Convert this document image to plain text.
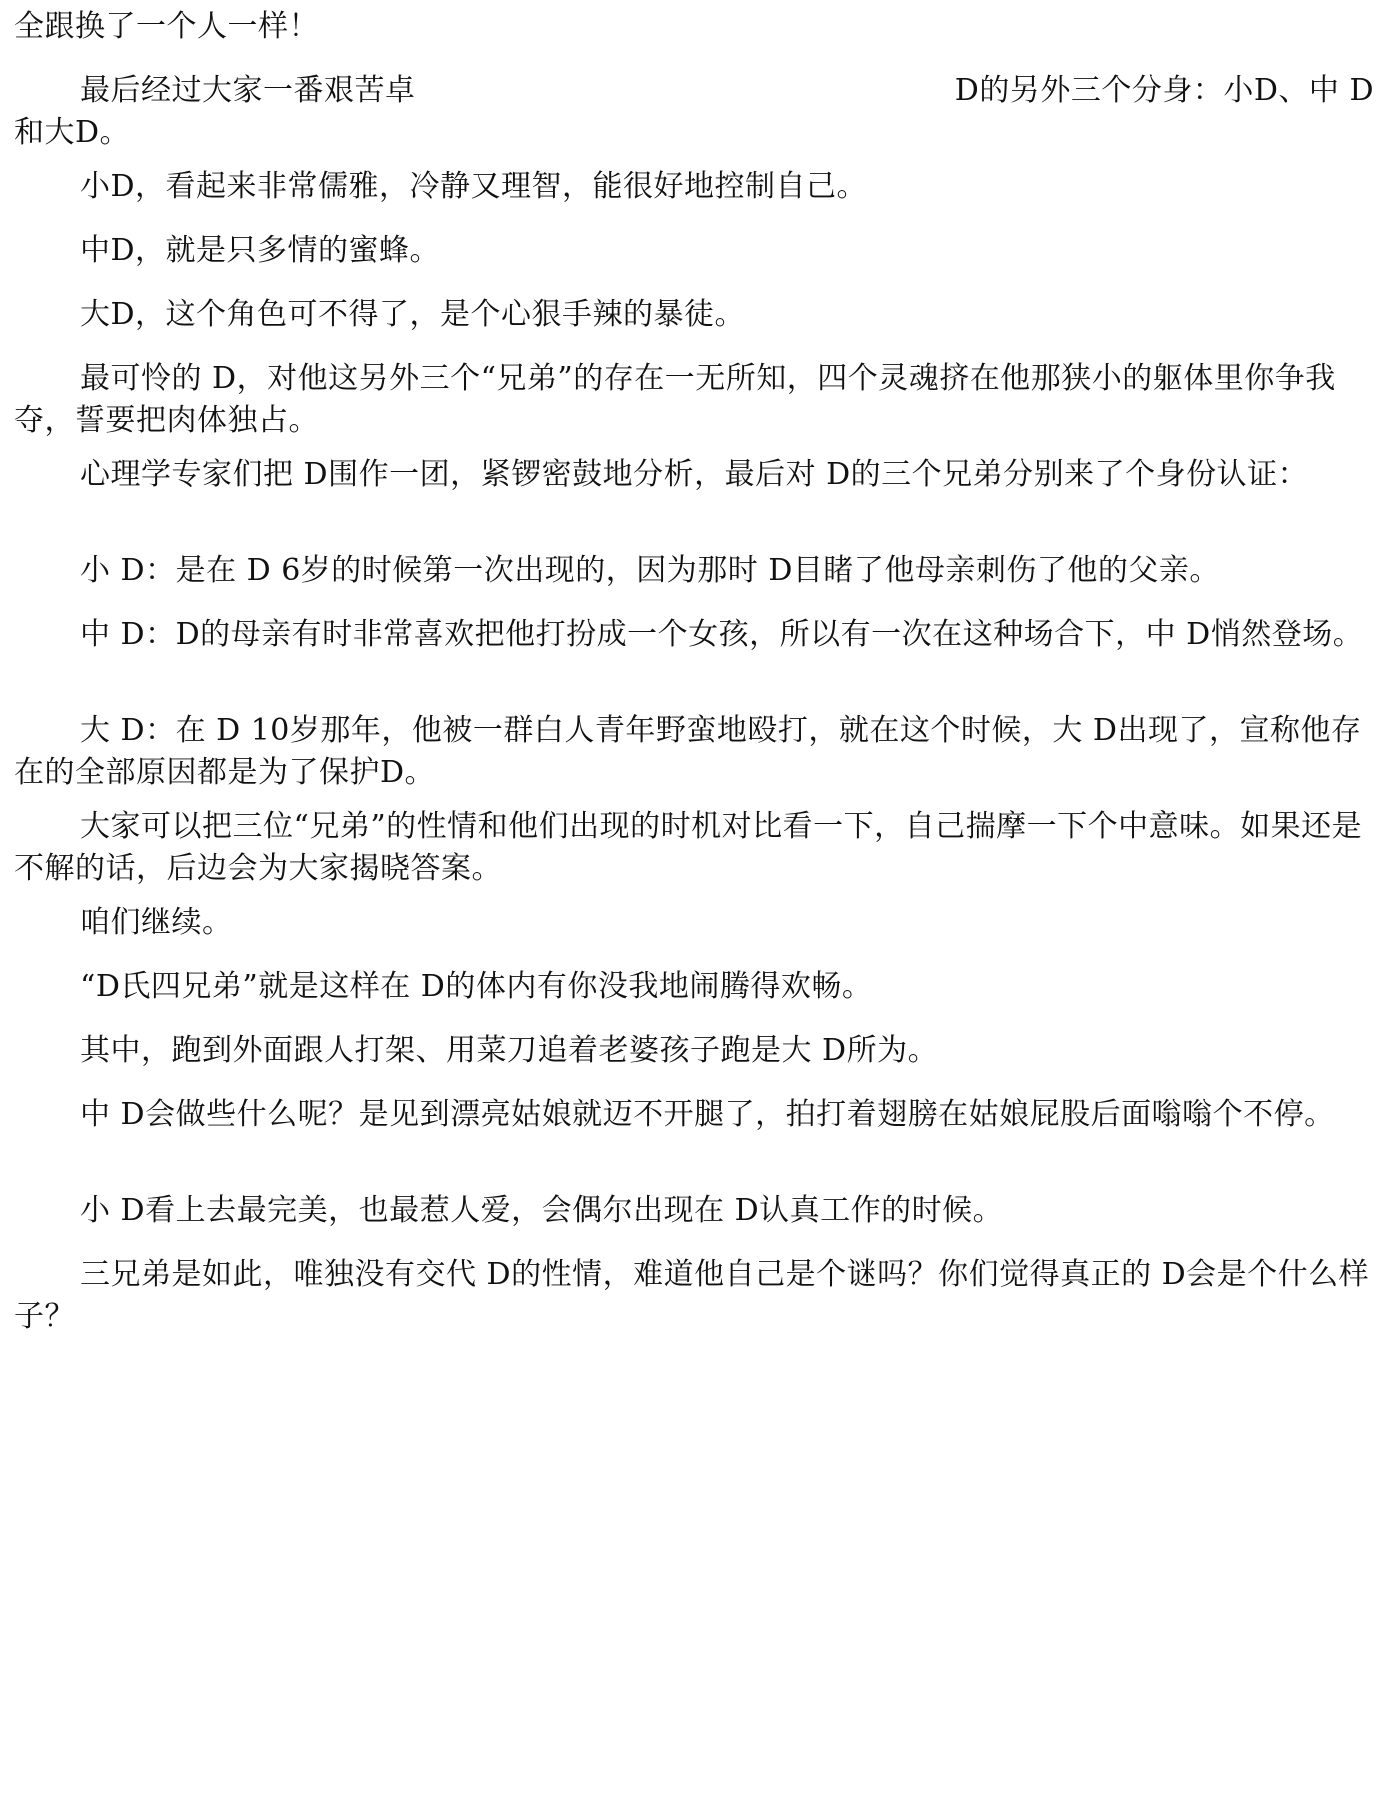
全跟换了一个人一样！

最后经过大家一番艰苦卓	D的另外三个分身：小D、中 D

和大D。

小D，看起来非常儒雅，冷静又理智，能很好地控制自己。

中D，就是只多情的蜜蜂。

大D，这个角色可不得了，是个心狠手辣的暴徒。

最可怜的 D，对他这另外三个“兄弟”的存在一无所知，四个灵魂挤在他那狭小的躯体里你争我夺，誓要把肉体独占。

心理学专家们把 D围作一团，紧锣密鼓地分析，最后对 D的三个兄弟分别来了个身份认证：

小 D：是在 D 6岁的时候第一次出现的，因为那时 D目睹了他母亲刺伤了他的父亲。

中 D：D的母亲有时非常喜欢把他打扮成一个女孩，所以有一次在这种场合下，中 D悄然登场。

大 D：在 D 10岁那年，他被一群白人青年野蛮地殴打，就在这个时候，大 D出现了，宣称他存在的全部原因都是为了保护D。

大家可以把三位“兄弟”的性情和他们出现的时机对比看一下，自己揣摩一下个中意味。如果还是不解的话，后边会为大家揭晓答案。

咱们继续。

“D氏四兄弟”就是这样在 D的体内有你没我地闹腾得欢畅。

其中，跑到外面跟人打架、用菜刀追着老婆孩子跑是大 D所为。

中 D会做些什么呢？是见到漂亮姑娘就迈不开腿了，拍打着翅膀在姑娘屁股后面嗡嗡个不停。

小 D看上去最完美，也最惹人爱，会偶尔出现在 D认真工作的时候。

三兄弟是如此，唯独没有交代 D的性情，难道他自己是个谜吗？你们觉得真正的 D会是个什么样子？
